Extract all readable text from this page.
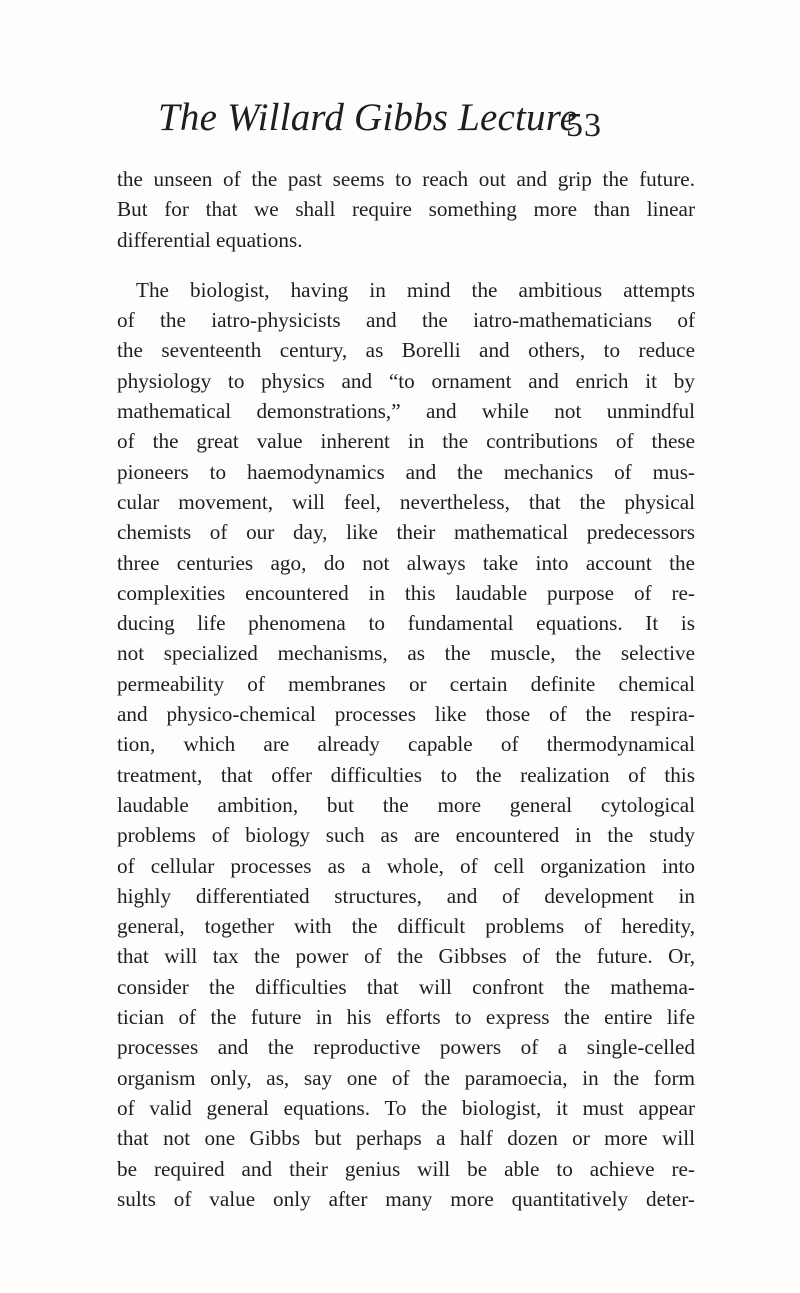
The Willard Gibbs Lecture
53

the unseen of the past seems to reach out and grip the future.
But for that we shall require something more than linear
differential equations.

The biologist, having in mind the ambitious attempts
of the iatro-physicists and the iatro-mathematicians of
the seventeenth century, as Borelli and others, to reduce
physiology to physics and “to ornament and enrich it by
mathematical demonstrations,” and while not unmindful
of the great value inherent in the contributions of these
pioneers to haemodynamics and the mechanics of mus-
cular movement, will feel, nevertheless, that the physical
chemists of our day, like their mathematical predecessors
three centuries ago, do not always take into account the
complexities encountered in this laudable purpose of re-
ducing life phenomena to fundamental equations. It is
not specialized mechanisms, as the muscle, the selective
permeability of membranes or certain definite chemical
and physico-chemical processes like those of the respira-
tion, which are already capable of thermodynamical
treatment, that offer difficulties to the realization of this
laudable ambition, but the more general cytological
problems of biology such as are encountered in the study
of cellular processes as a whole, of cell organization into
highly differentiated structures, and of development in
general, together with the difficult problems of heredity,
that will tax the power of the Gibbses of the future. Or,
consider the difficulties that will confront the mathema-
tician of the future in his efforts to express the entire life
processes and the reproductive powers of a single-celled
organism only, as, say one of the paramoecia, in the form
of valid general equations. To the biologist, it must appear
that not one Gibbs but perhaps a half dozen or more will
be required and their genius will be able to achieve re-
sults of value only after many more quantitatively deter-
